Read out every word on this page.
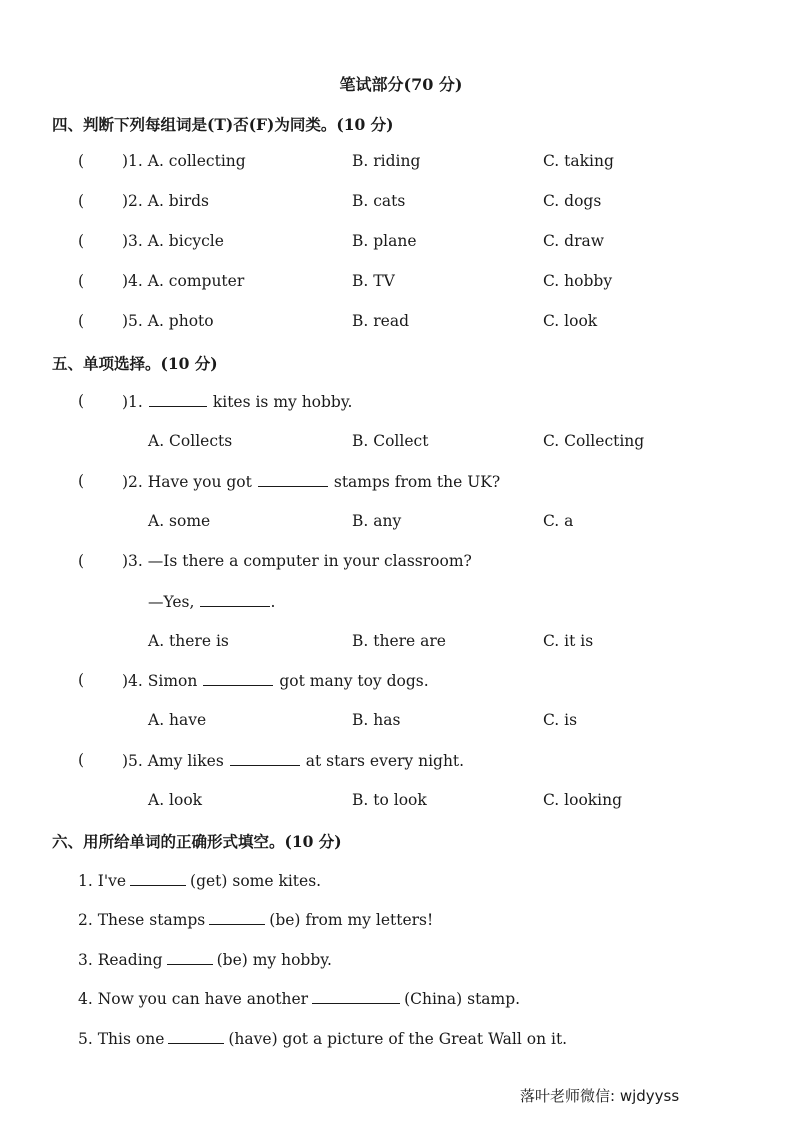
笔试部分(70 分)
四、判断下列每组词是(T)否(F)为同类。(10 分)
( )1. A. collecting	B. riding	C. taking
( )2. A. birds	B. cats	C. dogs
( )3. A. bicycle	B. plane	C. draw
( )4. A. computer	B. TV	C. hobby
( )5. A. photo	B. read	C. look
五、单项选择。(10 分)
( )1.	kites is my hobby.
A. Collects	B. Collect	C. Collecting
( )2. Have you got	stamps from the UK?
A. some	B. any	C. a
( )3. —Is there a computer in your classroom?
—Yes,	.
A. there is	B. there are	C. it is
( )4. Simon	got many toy dogs.
A. have	B. has	C. is
( )5. Amy likes	at stars every night.
A. look	B. to look	C. looking
六、用所给单词的正确形式填空。(10 分)
1. I've	(get) some kites.
2. These stamps	(be) from my letters!
3. Reading	(be) my hobby.
4. Now you can have another	(China) stamp.
5. This one	(have) got a picture of the Great Wall on it.
落叶老师微信: wjdyyss
